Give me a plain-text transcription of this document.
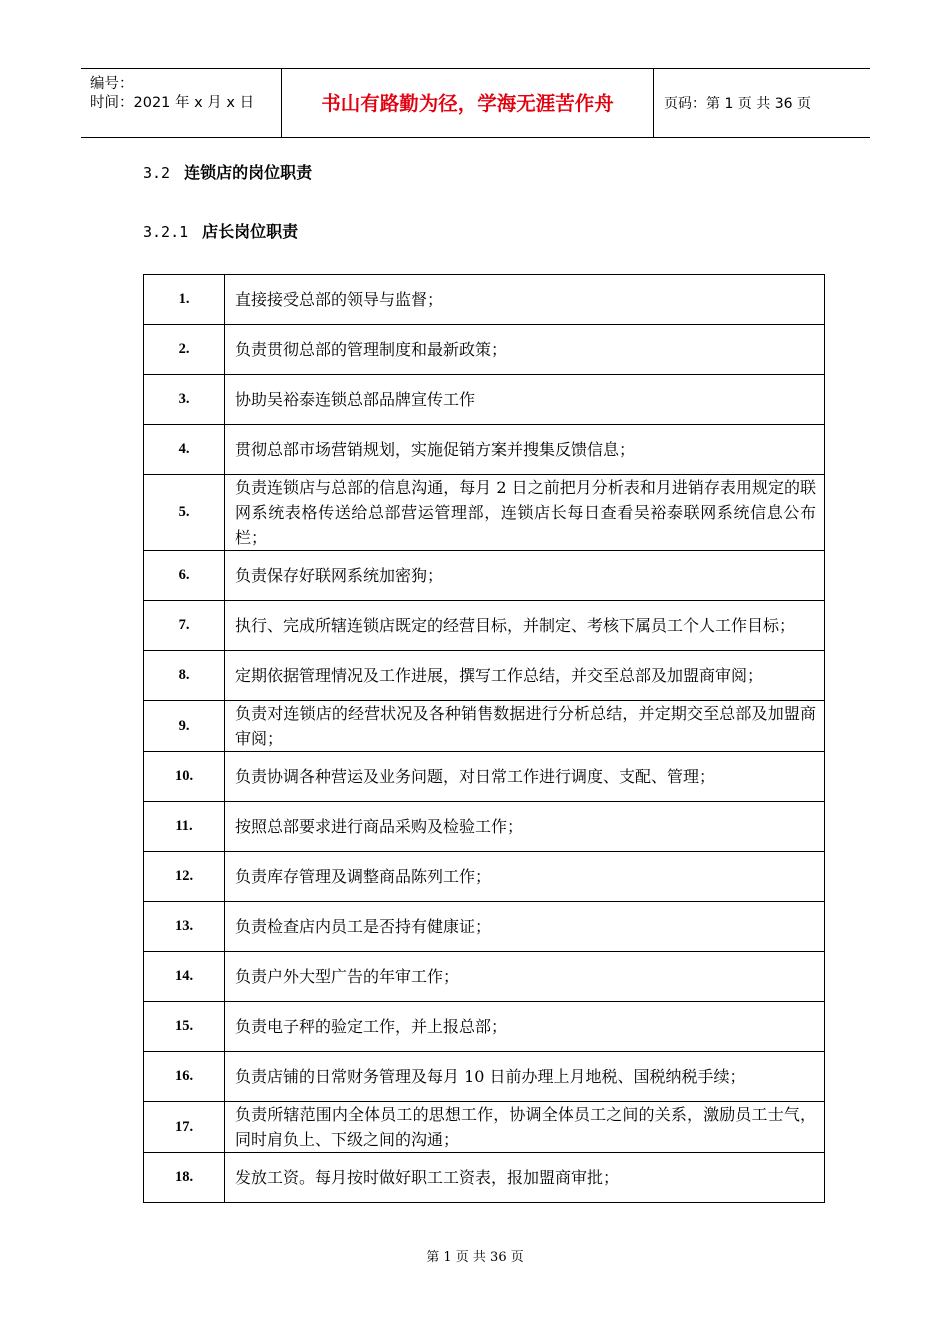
编号：
时间：2021 年 x 月 x 日	书山有路勤为径，学海无涯苦作舟	页码：第 1 页 共 36 页
3.2 连锁店的岗位职责
3.2.1 店长岗位职责
1.	直接接受总部的领导与监督；
2.	负责贯彻总部的管理制度和最新政策；
3.	协助吴裕泰连锁总部品牌宣传工作
4.	贯彻总部市场营销规划，实施促销方案并搜集反馈信息；
5.	负责连锁店与总部的信息沟通，每月 2 日之前把月分析表和月进销存表用规定的联网系统表格传送给总部营运管理部，连锁店长每日查看吴裕泰联网系统信息公布栏；
6.	负责保存好联网系统加密狗；
7.	执行、完成所辖连锁店既定的经营目标，并制定、考核下属员工个人工作目标；
8.	定期依据管理情况及工作进展，撰写工作总结，并交至总部及加盟商审阅；
9.	负责对连锁店的经营状况及各种销售数据进行分析总结，并定期交至总部及加盟商审阅；
10.	负责协调各种营运及业务问题，对日常工作进行调度、支配、管理；
11.	按照总部要求进行商品采购及检验工作；
12.	负责库存管理及调整商品陈列工作；
13.	负责检查店内员工是否持有健康证；
14.	负责户外大型广告的年审工作；
15.	负责电子秤的验定工作，并上报总部；
16.	负责店铺的日常财务管理及每月 10 日前办理上月地税、国税纳税手续；
17.	负责所辖范围内全体员工的思想工作，协调全体员工之间的关系，激励员工士气，同时肩负上、下级之间的沟通；
18.	发放工资。每月按时做好职工工资表，报加盟商审批；
第 1 页 共 36 页
